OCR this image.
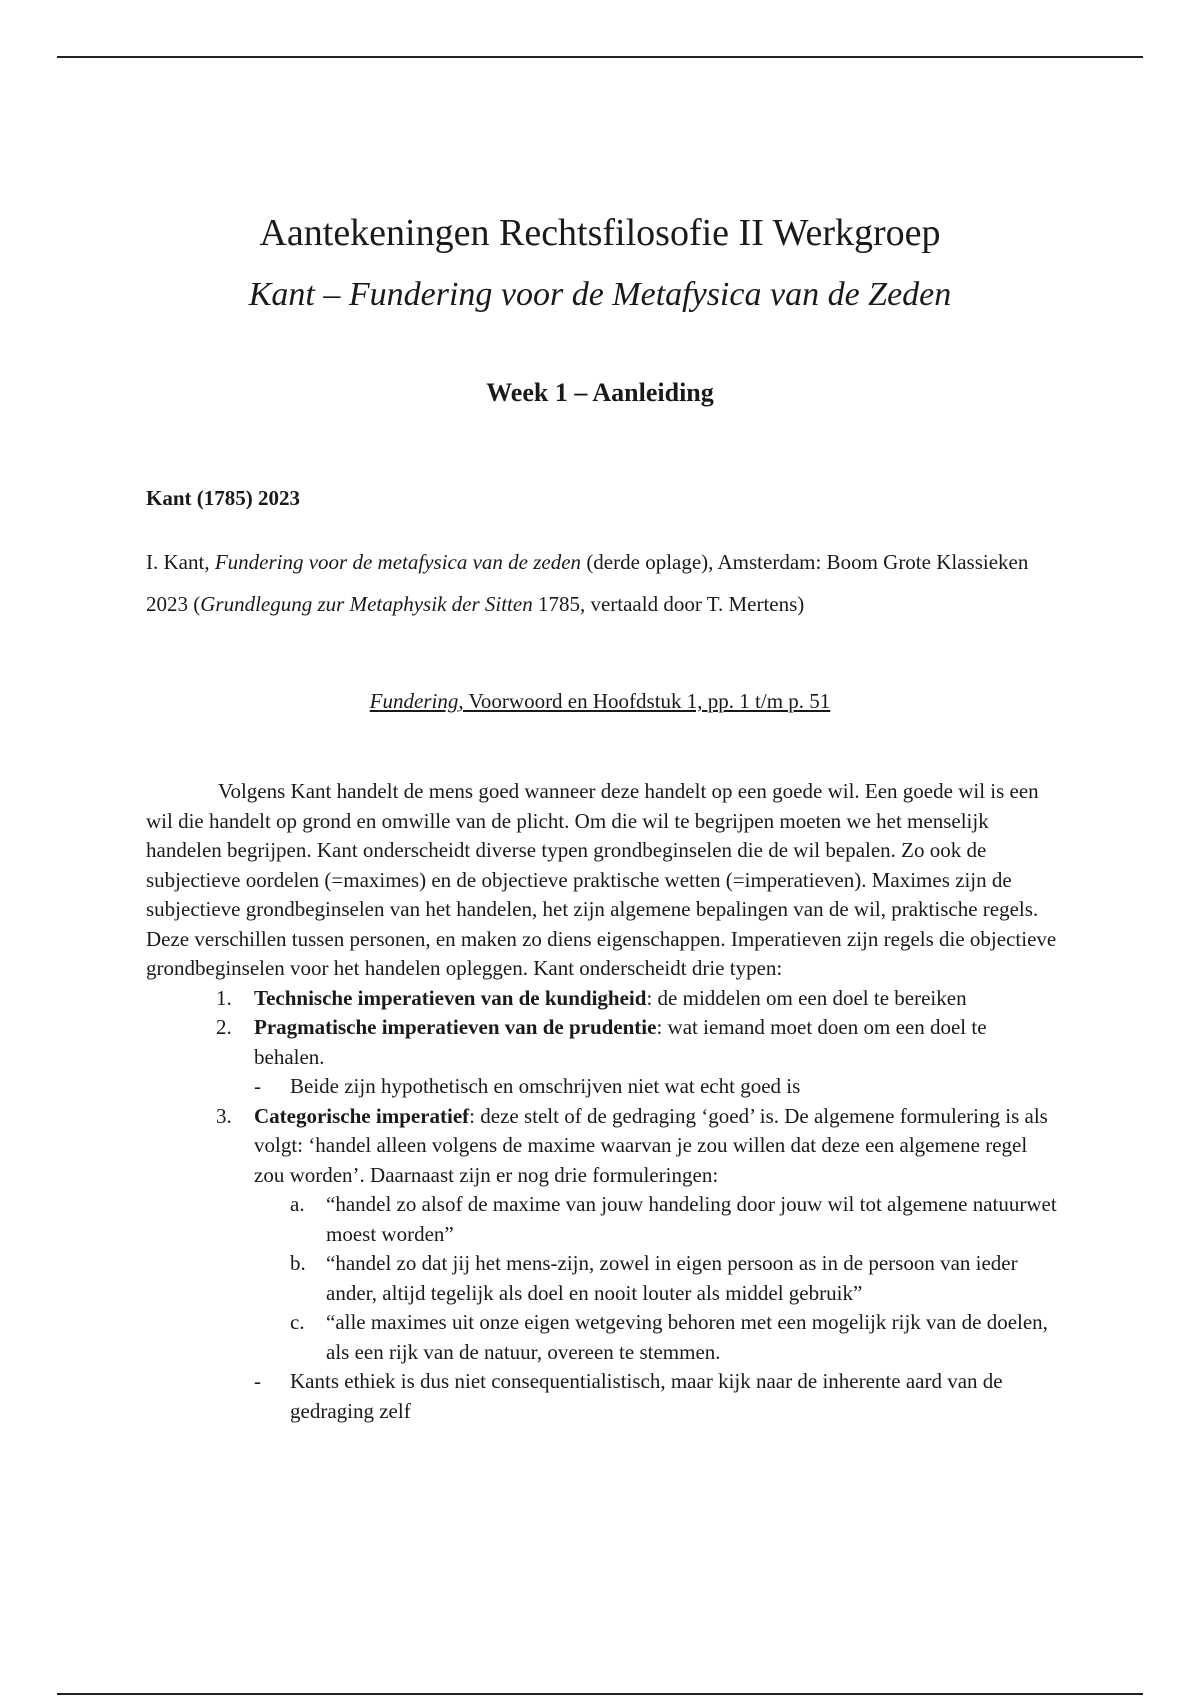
Aantekeningen Rechtsfilosofie II Werkgroep
Kant – Fundering voor de Metafysica van de Zeden
Week 1 – Aanleiding
Kant (1785) 2023
I. Kant, Fundering voor de metafysica van de zeden (derde oplage), Amsterdam: Boom Grote Klassieken 2023 (Grundlegung zur Metaphysik der Sitten 1785, vertaald door T. Mertens)
Fundering, Voorwoord en Hoofdstuk 1, pp. 1 t/m p. 51

Volgens Kant handelt de mens goed wanneer deze handelt op een goede wil. Een goede wil is een wil die handelt op grond en omwille van de plicht. Om die wil te begrijpen moeten we het menselijk handelen begrijpen. Kant onderscheidt diverse typen grondbeginselen die de wil bepalen. Zo ook de subjectieve oordelen (=maximes) en de objectieve praktische wetten (=imperatieven). Maximes zijn de subjectieve grondbeginselen van het handelen, het zijn algemene bepalingen van de wil, praktische regels. Deze verschillen tussen personen, en maken zo diens eigenschappen. Imperatieven zijn regels die objectieve grondbeginselen voor het handelen opleggen. Kant onderscheidt drie typen:

1. Technische imperatieven van de kundigheid: de middelen om een doel te bereiken
2. Pragmatische imperatieven van de prudentie: wat iemand moet doen om een doel te behalen.
- Beide zijn hypothetisch en omschrijven niet wat echt goed is
3. Categorische imperatief: deze stelt of de gedraging ‘goed’ is. De algemene formulering is als volgt: ‘handel alleen volgens de maxime waarvan je zou willen dat deze een algemene regel zou worden’. Daarnaast zijn er nog drie formuleringen:
a. “handel zo alsof de maxime van jouw handeling door jouw wil tot algemene natuurwet moest worden”
b. “handel zo dat jij het mens-zijn, zowel in eigen persoon as in de persoon van ieder ander, altijd tegelijk als doel en nooit louter als middel gebruik”
c. “alle maximes uit onze eigen wetgeving behoren met een mogelijk rijk van de doelen, als een rijk van de natuur, overeen te stemmen.
- Kants ethiek is dus niet consequentialistisch, maar kijk naar de inherente aard van de gedraging zelf
